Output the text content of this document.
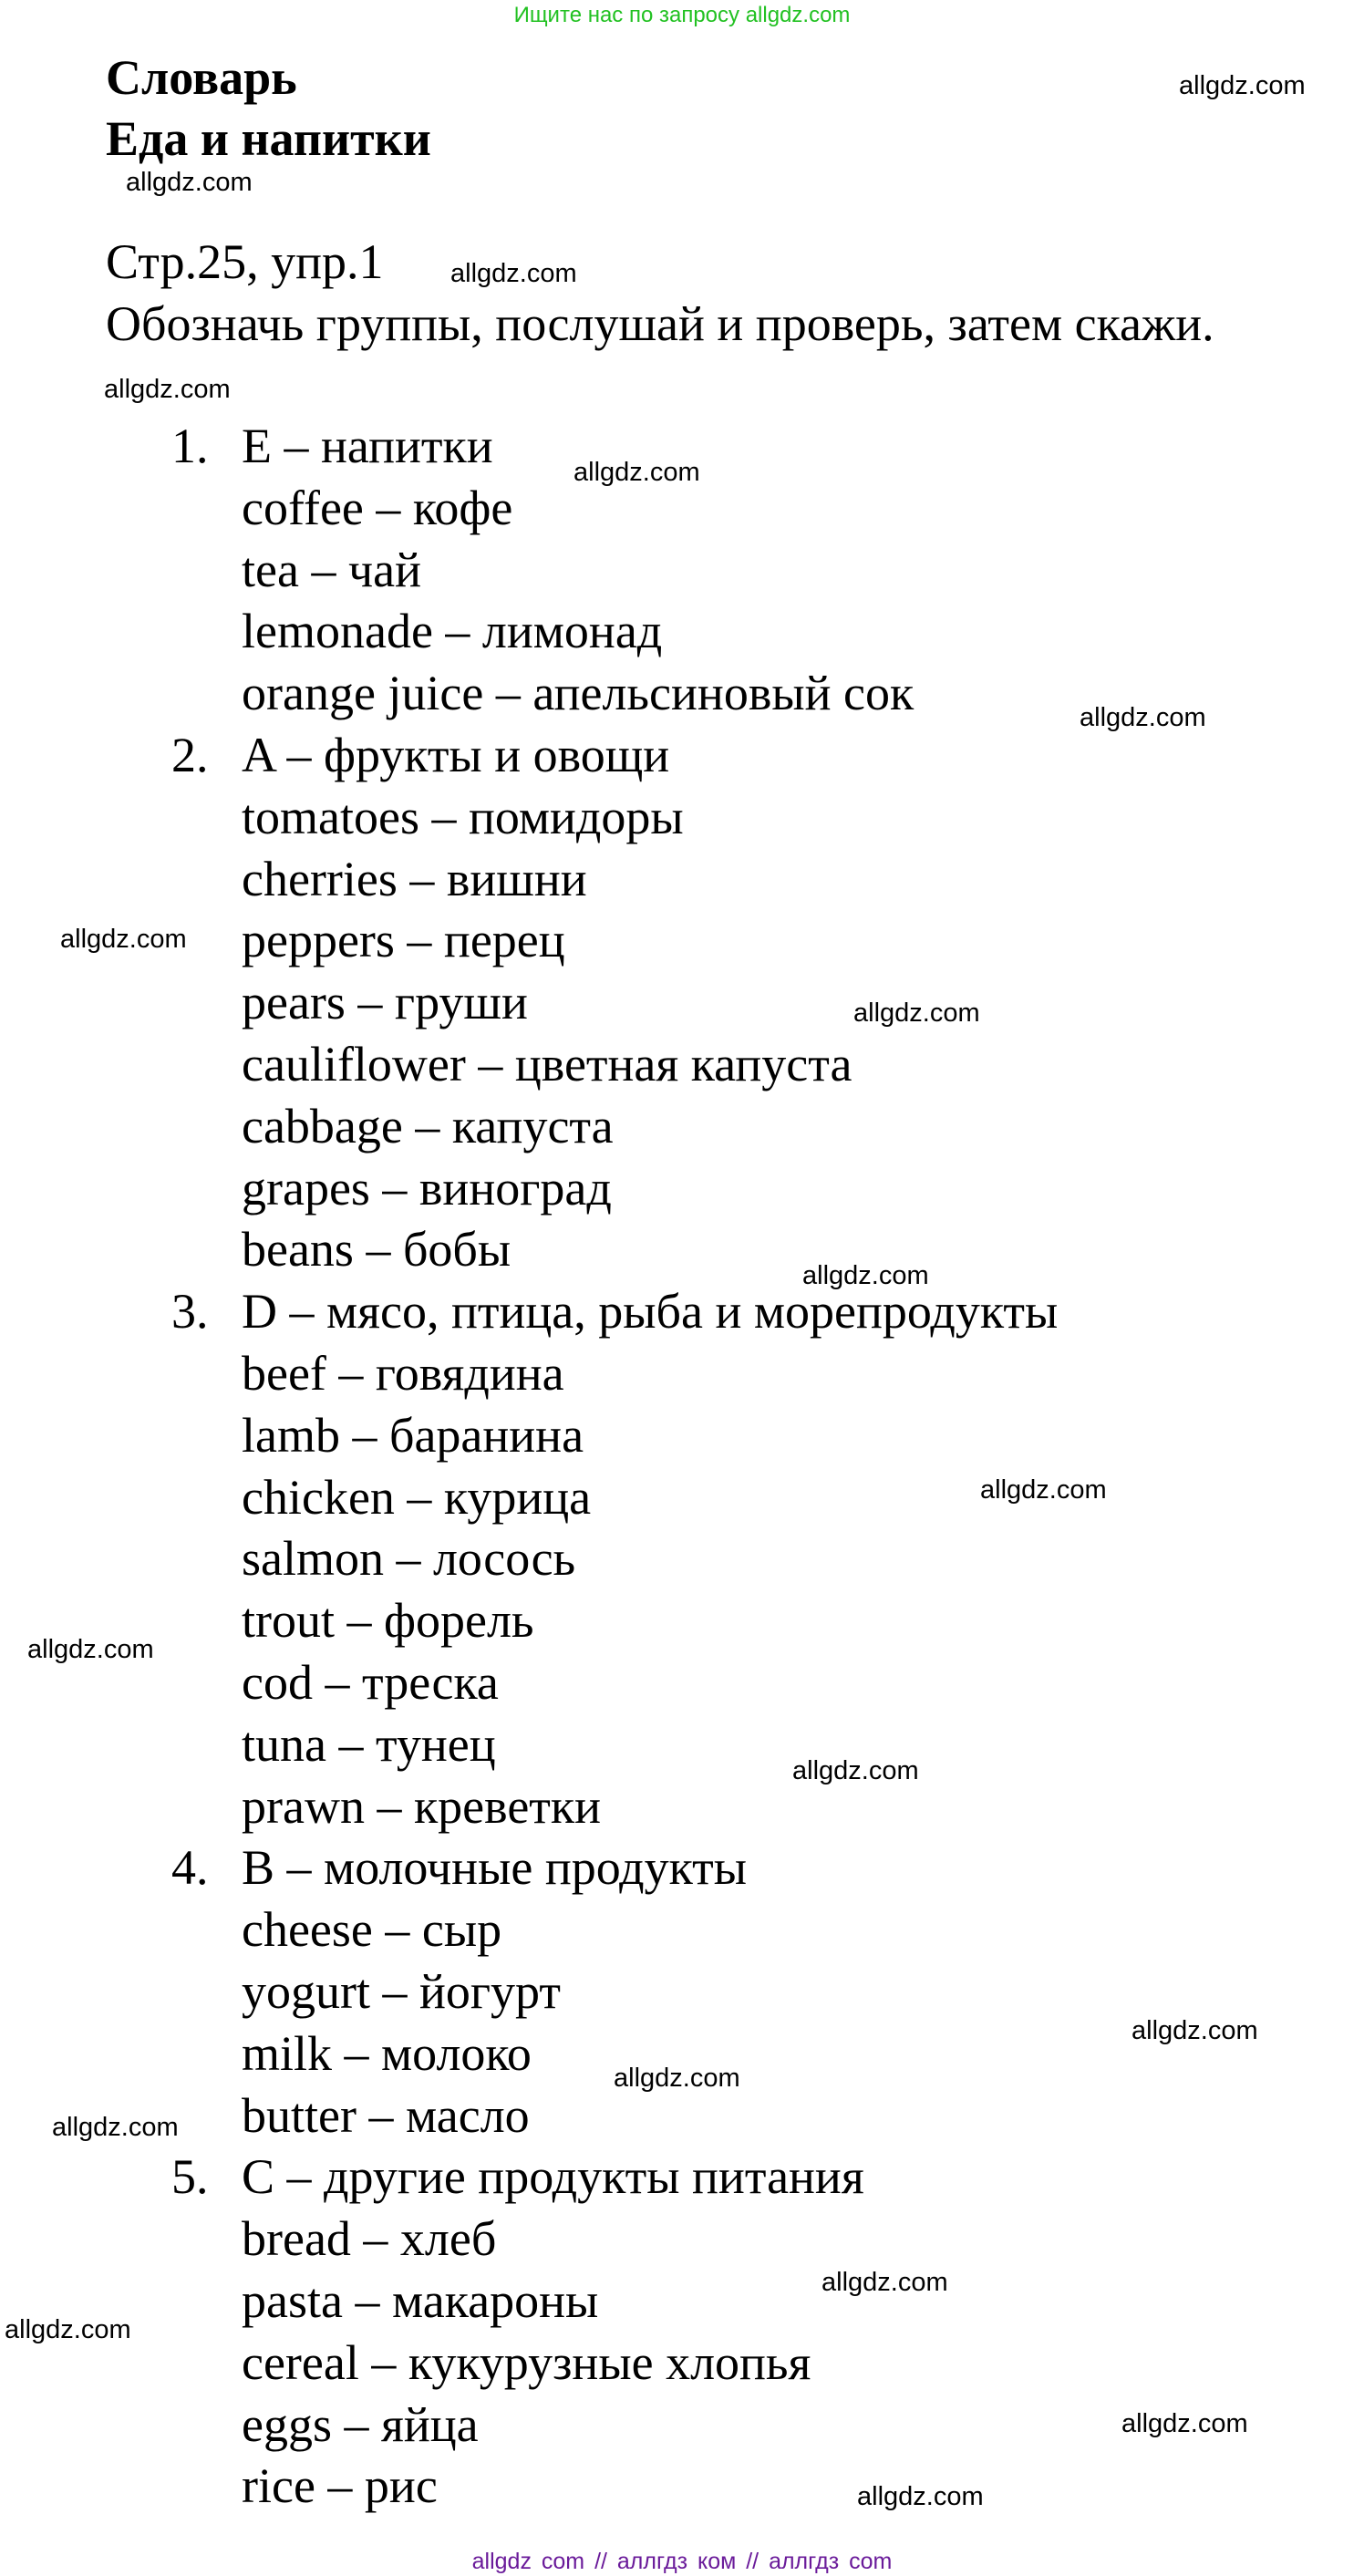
Ищите нас по запросу allgdz.com
Словарь
Еда и напитки
Стр.25, упр.1
Обозначь группы, послушай и проверь, затем скажи.
1. E – напитки
coffee – кофе
tea – чай
lemonade – лимонад
orange juice – апельсиновый сок
2. A – фрукты и овощи
tomatoes – помидоры
cherries – вишни
peppers – перец
pears – груши
cauliflower – цветная капуста
cabbage – капуста
grapes – виноград
beans – бобы
3. D – мясо, птица, рыба и морепродукты
beef – говядина
lamb – баранина
chicken – курица
salmon – лосось
trout – форель
cod – треска
tuna – тунец
prawn – креветки
4. B – молочные продукты
cheese – сыр
yogurt – йогурт
milk – молоко
butter – масло
5. C – другие продукты питания
bread – хлеб
pasta – макароны
cereal – кукурузные хлопья
eggs – яйца
rice – рис
allgdz.com
allgdz.com
allgdz.com
allgdz.com
allgdz.com
allgdz.com
allgdz.com
allgdz.com
allgdz.com
allgdz.com
allgdz.com
allgdz.com
allgdz.com
allgdz.com
allgdz.com
allgdz.com
allgdz.com
allgdz.com
allgdz.com
allgdz com // аллгдз ком // аллгдз com
